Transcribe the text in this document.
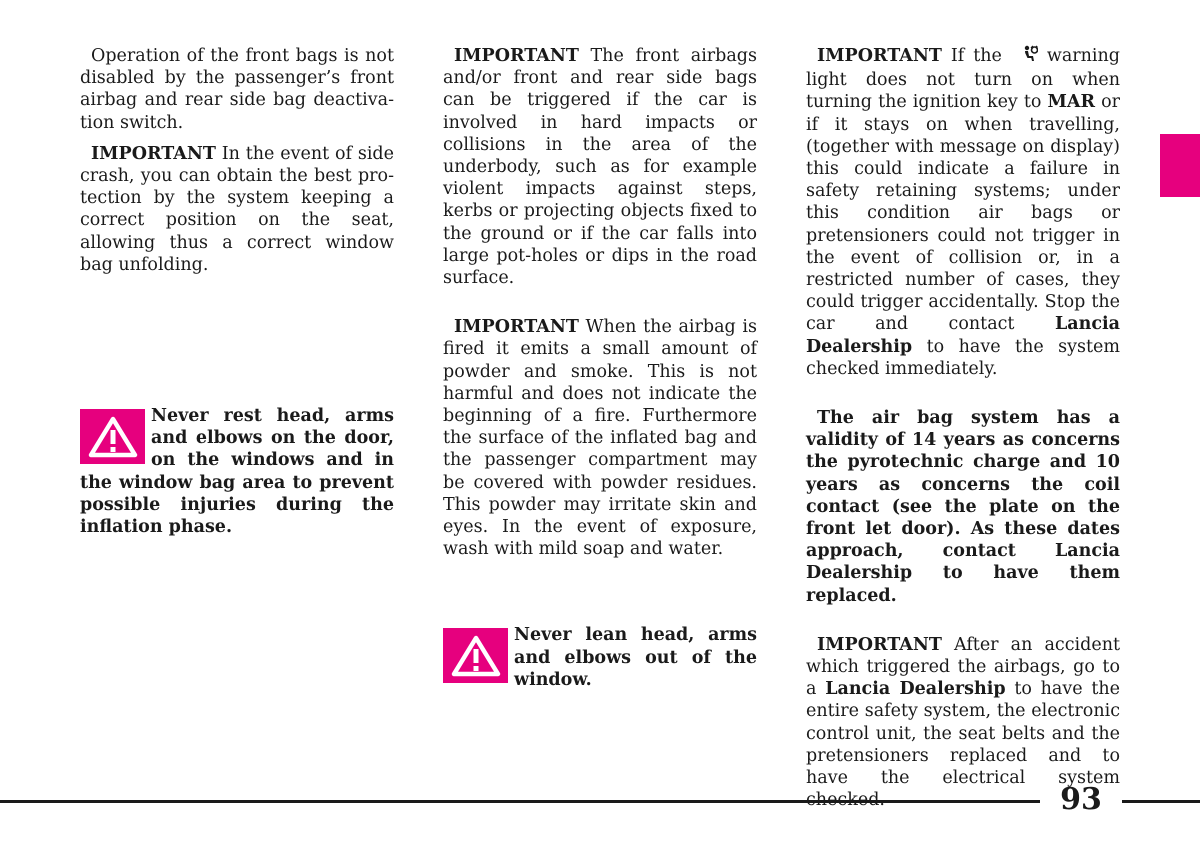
Operation of the front bags is not disabled by the passenger’s front airbag and rear side bag deactivation switch.

IMPORTANT In the event of side crash, you can obtain the best protection by the system keeping a correct position on the seat, allowing thus a correct window bag unfolding.

Never rest head, arms and elbows on the door, on the windows and in the window bag area to prevent possible injuries during the inflation phase.

IMPORTANT The front airbags and/or front and rear side bags can be triggered if the car is involved in hard impacts or collisions in the area of the underbody, such as for example violent impacts against steps, kerbs or projecting objects fixed to the ground or if the car falls into large pot-holes or dips in the road surface.

IMPORTANT When the airbag is fired it emits a small amount of powder and smoke. This is not harmful and does not indicate the beginning of a fire. Furthermore the surface of the inflated bag and the passenger compartment may be covered with powder residues. This powder may irritate skin and eyes. In the event of exposure, wash with mild soap and water.

Never lean head, arms and elbows out of the window.

IMPORTANT If the  warning light does not turn on when turning the ignition key to MAR or if it stays on when travelling, (together with message on display) this could indicate a failure in safety retaining systems; under this condition air bags or pretensioners could not trigger in the event of collision or, in a restricted number of cases, they could trigger accidentally. Stop the car and contact Lancia Dealership to have the system checked immediately.

The air bag system has a validity of 14 years as concerns the pyrotechnic charge and 10 years as concerns the coil contact (see the plate on the front let door). As these dates approach, contact Lancia Dealership to have them replaced.

IMPORTANT After an accident which triggered the airbags, go to a Lancia Dealership to have the entire safety system, the electronic control unit, the seat belts and the pretensioners replaced and to have the electrical system

93
